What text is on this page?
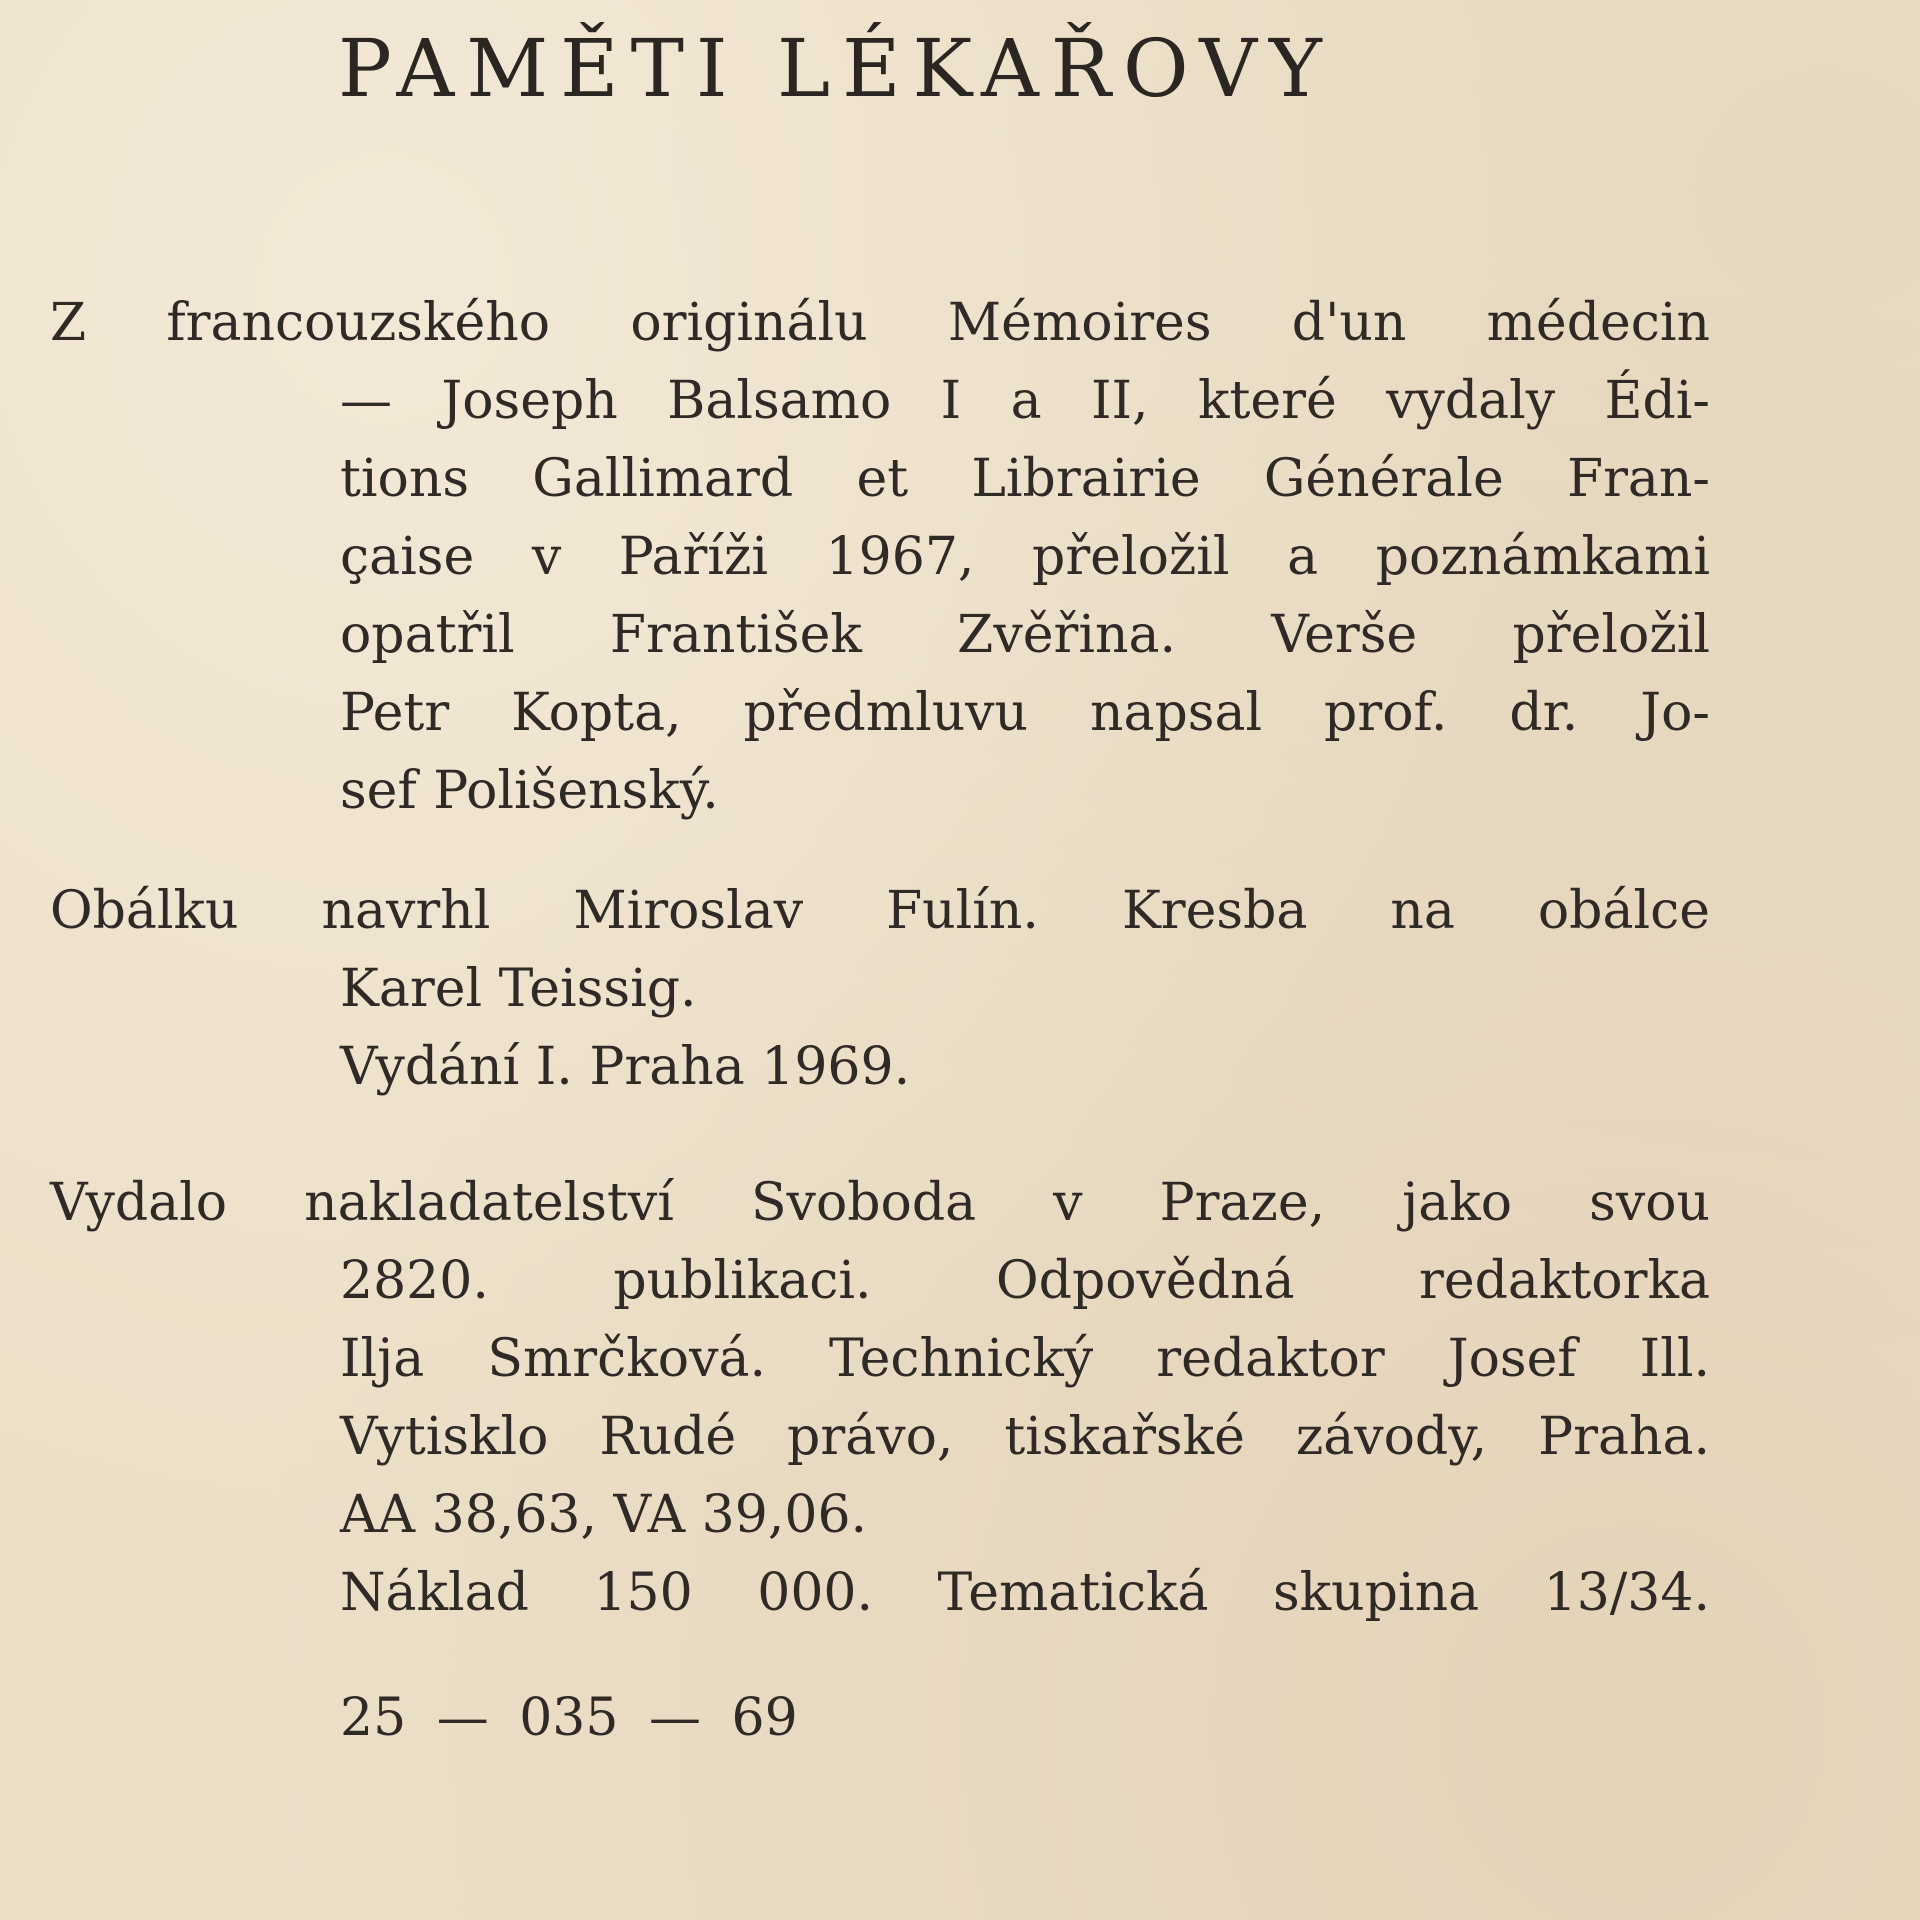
PAMĚTI LÉKAŘOVY
Z francouzského originálu Mémoires d'un médecin
— Joseph Balsamo I a II, které vydaly Édi-
tions Gallimard et Librairie Générale Fran-
çaise v Paříži 1967, přeložil a poznámkami
opatřil František Zvěřina. Verše přeložil
Petr Kopta, předmluvu napsal prof. dr. Jo-
sef Polišenský.
Obálku navrhl Miroslav Fulín. Kresba na obálce
Karel Teissig.
Vydání I. Praha 1969.
Vydalo nakladatelství Svoboda v Praze, jako svou
2820. publikaci. Odpovědná redaktorka
Ilja Smrčková. Technický redaktor Josef Ill.
Vytisklo Rudé právo, tiskařské závody, Praha.
AA 38,63, VA 39,06.
Náklad 150 000. Tematická skupina 13/34.
25 — 035 — 69
